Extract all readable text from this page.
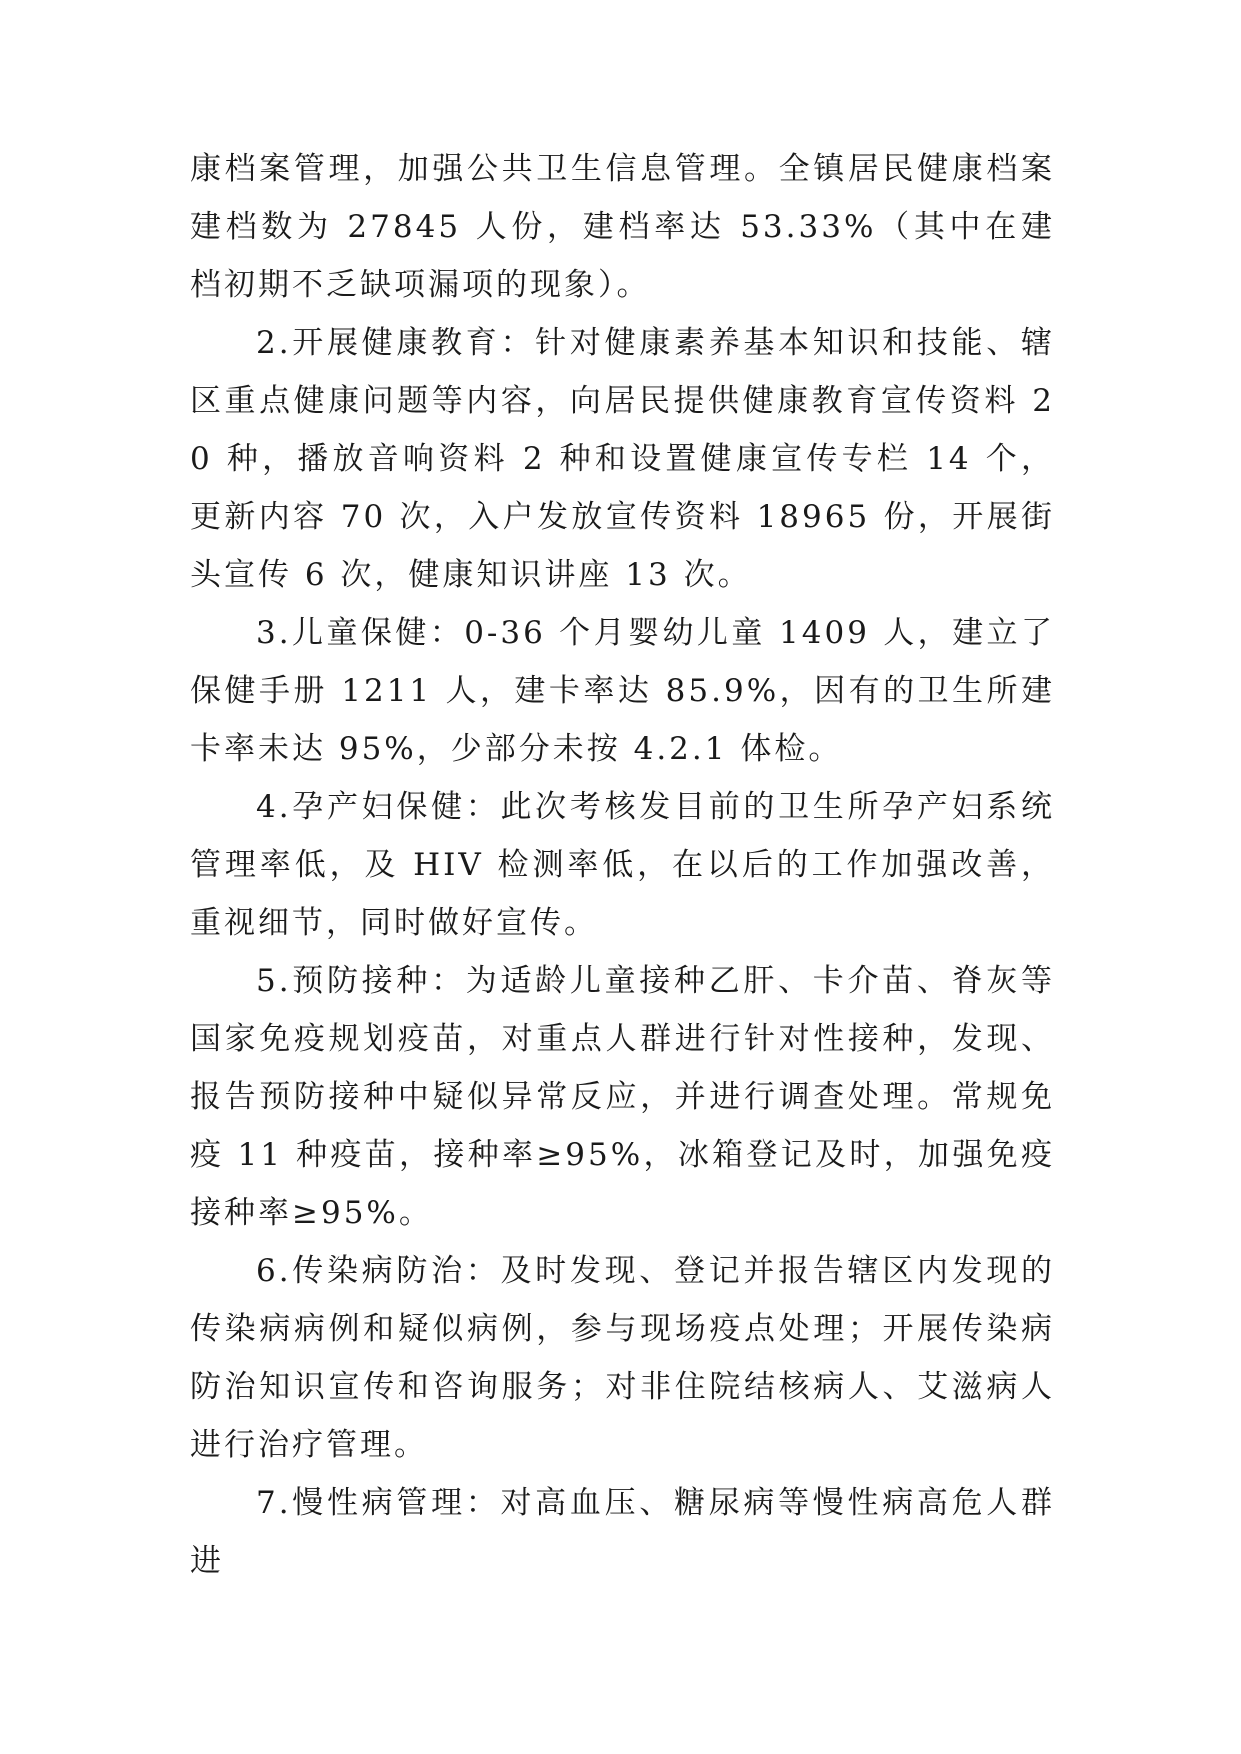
康档案管理，加强公共卫生信息管理。全镇居民健康档案建档数为 27845 人份，建档率达 53.33%（其中在建档初期不乏缺项漏项的现象）。

2.开展健康教育：针对健康素养基本知识和技能、辖区重点健康问题等内容，向居民提供健康教育宣传资料 20 种，播放音响资料 2 种和设置健康宣传专栏 14 个，更新内容 70 次，入户发放宣传资料 18965 份，开展街头宣传 6 次，健康知识讲座 13 次。

3.儿童保健：0-36 个月婴幼儿童 1409 人，建立了保健手册 1211 人，建卡率达 85.9%，因有的卫生所建卡率未达 95%，少部分未按 4.2.1 体检。

4.孕产妇保健：此次考核发目前的卫生所孕产妇系统管理率低，及 HIV 检测率低，在以后的工作加强改善，重视细节，同时做好宣传。

5.预防接种：为适龄儿童接种乙肝、卡介苗、脊灰等国家免疫规划疫苗，对重点人群进行针对性接种，发现、报告预防接种中疑似异常反应，并进行调查处理。常规免疫 11 种疫苗，接种率≥95%，冰箱登记及时，加强免疫接种率≥95%。

6.传染病防治：及时发现、登记并报告辖区内发现的传染病病例和疑似病例，参与现场疫点处理；开展传染病防治知识宣传和咨询服务；对非住院结核病人、艾滋病人进行治疗管理。

7.慢性病管理：对高血压、糖尿病等慢性病高危人群进
